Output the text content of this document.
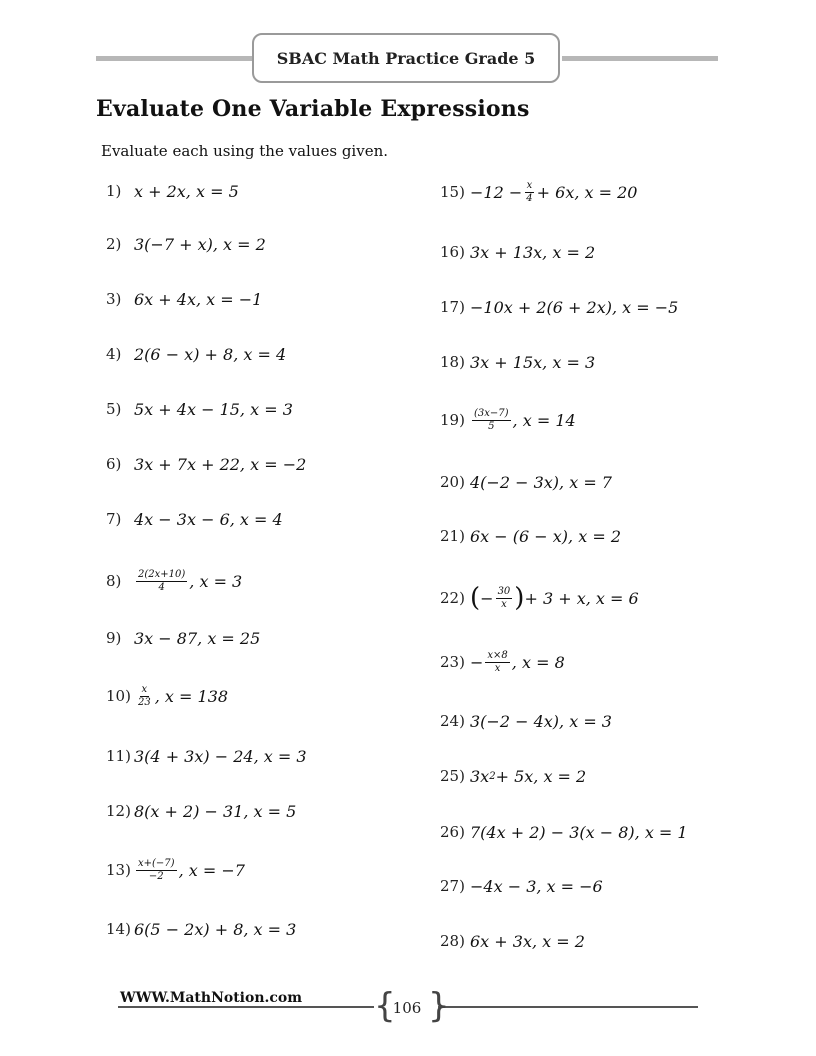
SBAC Math Practice Grade 5
Evaluate One Variable Expressions
Evaluate each using the values given.
1) x + 2x, x = 5
2) 3(−7 + x), x = 2
3) 6x + 4x, x = −1
4) 2(6 − x) + 8, x = 4
5) 5x + 4x − 15, x = 3
6) 3x + 7x + 22, x = −2
7) 4x − 3x − 6, x = 4
8)	$\frac{2(2x+10)}{4}$ , x = 3
9) 3x − 87, x = 25
$10) \frac{x}{23}$ , x = 138
11) 3(4 + 3x) − 24, x = 3
12) 8(x + 2) − 31, x = 5
$13) \frac{x+(-7)}{-2}$ , x = −7
14) 6(5 − 2x) + 8, x = 3
$15) -12 - \frac{x}{4} + 6x$, x = 20
16) 3x + 13x, x = 2
17) −10x + 2(6 + 2x), x = −5
18) 3x + 15x, x = 3
$19) \frac{(3x-7)}{5}$ , x = 14
20) 4(−2 − 3x), x = 7
21) 6x − (6 − x), x = 2
22) ( − $\frac{30}{x}$ ) + 3 + x, x = 6
$23) - \frac{x\times 8}{x}$ , x = 8
24) 3(−2 − 4x), x = 3
25) 3x 2 + 5x, x = 2
26) 7(4x + 2) − 3(x − 8), x = 1
27) −4x − 3, x = −6
28) 6x + 3x, x = 2
WWW.MathNotion.com { }
106
